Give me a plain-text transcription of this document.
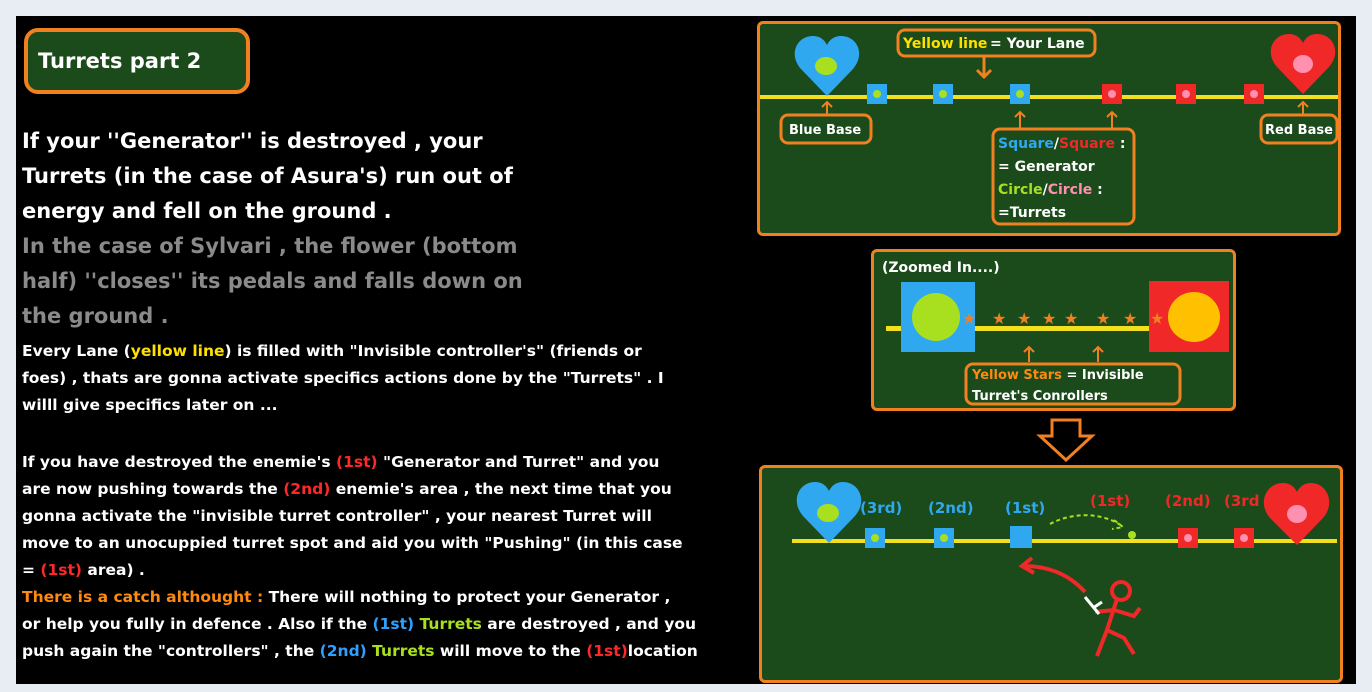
Turrets part 2

If your ''Generator'' is destroyed , your

Turrets (in the case of Asura's) run out of

energy and fell on the ground .

In the case of Sylvari , the flower (bottom

half) ''closes'' its pedals and falls down on

the ground .

Every Lane (yellow line) is filled with "Invisible controller's" (friends or

foes) , thats are gonna activate specifics actions done by the "Turrets" . I

willl give specifics later on ...

If you have destroyed the enemie's (1st) "Generator and Turret" and you

are now pushing towards the (2nd) enemie's area , the next time that you

gonna activate the "invisible turret controller" , your nearest Turret will

move to an unocuppied turret spot and aid you with "Pushing" (in this case

= (1st) area) .

There is a catch althought : There will nothing to protect your Generator ,

or help you fully in defence . Also if the (1st) Turrets are destroyed , and you

push again the "controllers" , the (2nd) Turrets will move to the (1st)location

Yellow line = Your Lane
Blue Base	Red Base
Square/Square :
= Generator
Circle/Circle :
=Turrets
(Zoomed In....)
★ ★ ★ ★ ★ ★ ★ ★
Yellow Stars = Invisible
Turret's Conrollers
(3rd) (2nd) (1st)	(1st) (2nd) (3rd
